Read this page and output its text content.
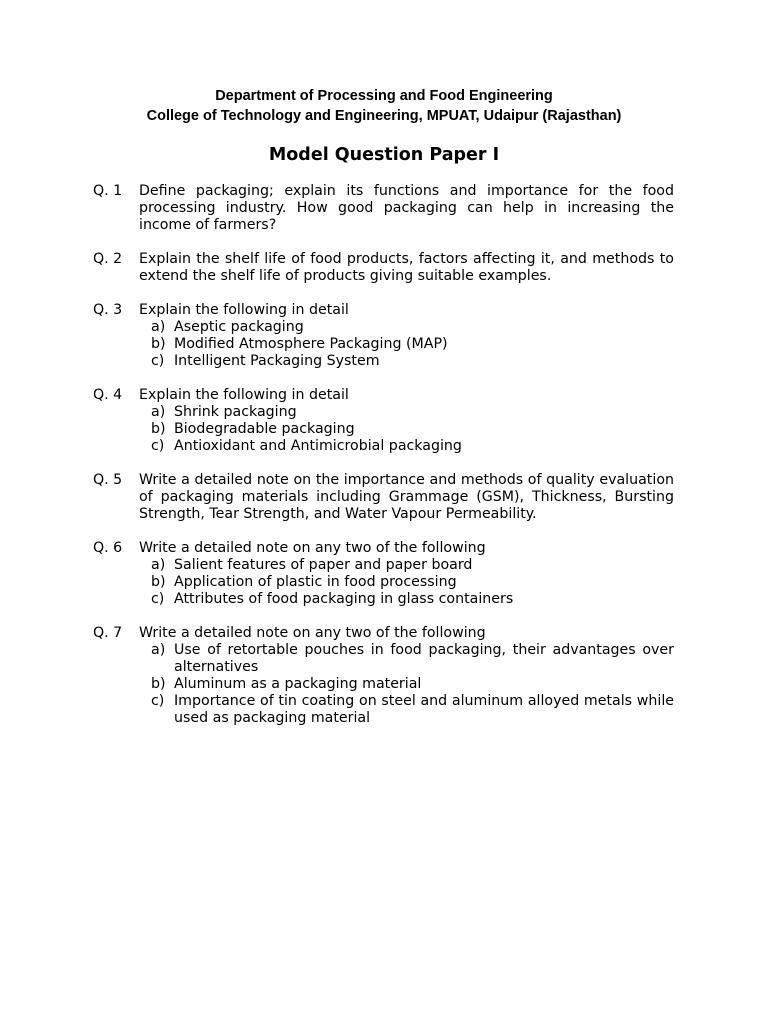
Department of Processing and Food Engineering
College of Technology and Engineering, MPUAT, Udaipur (Rajasthan)
Model Question Paper I
Q. 1	Define packaging; explain its functions and importance for the food processing industry. How good packaging can help in increasing the income of farmers?
Q. 2	Explain the shelf life of food products, factors affecting it, and methods to extend the shelf life of products giving suitable examples.
Q. 3	Explain the following in detail
a) Aseptic packaging
b) Modified Atmosphere Packaging (MAP)
c) Intelligent Packaging System
Q. 4	Explain the following in detail
a) Shrink packaging
b) Biodegradable packaging
c) Antioxidant and Antimicrobial packaging
Q. 5	Write a detailed note on the importance and methods of quality evaluation of packaging materials including Grammage (GSM), Thickness, Bursting Strength, Tear Strength, and Water Vapour Permeability.
Q. 6	Write a detailed note on any two of the following
a) Salient features of paper and paper board
b) Application of plastic in food processing
c) Attributes of food packaging in glass containers
Q. 7	Write a detailed note on any two of the following
a) Use of retortable pouches in food packaging, their advantages over alternatives
b) Aluminum as a packaging material
c) Importance of tin coating on steel and aluminum alloyed metals while used as packaging material
